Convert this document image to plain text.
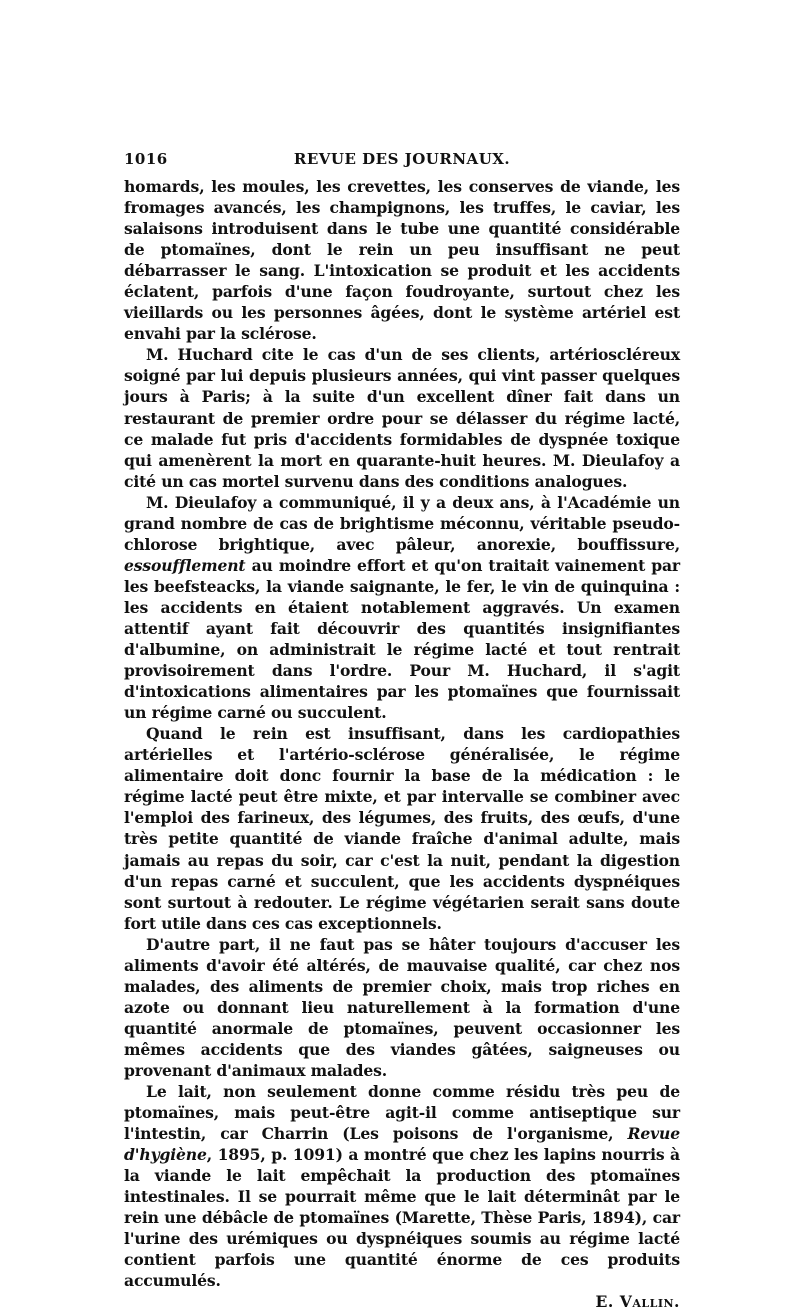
1016	REVUE DES JOURNAUX.

homards, les moules, les crevettes, les conserves de viande, les fromages avancés, les champignons, les truffes, le caviar, les salaisons introduisent dans le tube une quantité considérable de ptomaïnes, dont le rein un peu insuffisant ne peut débarrasser le sang. L'intoxication se produit et les accidents éclatent, parfois d'une façon foudroyante, surtout chez les vieillards ou les personnes âgées, dont le système artériel est envahi par la sclérose.

M. Huchard cite le cas d'un de ses clients, artérioscléreux soigné par lui depuis plusieurs années, qui vint passer quelques jours à Paris; à la suite d'un excellent dîner fait dans un restaurant de premier ordre pour se délasser du régime lacté, ce malade fut pris d'accidents formidables de dyspnée toxique qui amenèrent la mort en quarante-huit heures. M. Dieulafoy a cité un cas mortel survenu dans des conditions analogues.

M. Dieulafoy a communiqué, il y a deux ans, à l'Académie un grand nombre de cas de brightisme méconnu, véritable pseudo-chlorose brightique, avec pâleur, anorexie, bouffissure, essoufflement au moindre effort et qu'on traitait vainement par les beefsteacks, la viande saignante, le fer, le vin de quinquina : les accidents en étaient notablement aggravés. Un examen attentif ayant fait découvrir des quantités insignifiantes d'albumine, on administrait le régime lacté et tout rentrait provisoirement dans l'ordre. Pour M. Huchard, il s'agit d'intoxications alimentaires par les ptomaïnes que fournissait un régime carné ou succulent.

Quand le rein est insuffisant, dans les cardiopathies artérielles et l'artério-sclérose généralisée, le régime alimentaire doit donc fournir la base de la médication : le régime lacté peut être mixte, et par intervalle se combiner avec l'emploi des farineux, des légumes, des fruits, des œufs, d'une très petite quantité de viande fraîche d'animal adulte, mais jamais au repas du soir, car c'est la nuit, pendant la digestion d'un repas carné et succulent, que les accidents dyspnéiques sont surtout à redouter. Le régime végétarien serait sans doute fort utile dans ces cas exceptionnels.

D'autre part, il ne faut pas se hâter toujours d'accuser les aliments d'avoir été altérés, de mauvaise qualité, car chez nos malades, des aliments de premier choix, mais trop riches en azote ou donnant lieu naturellement à la formation d'une quantité anormale de ptomaïnes, peuvent occasionner les mêmes accidents que des viandes gâtées, saigneuses ou provenant d'animaux malades.

Le lait, non seulement donne comme résidu très peu de ptomaïnes, mais peut-être agit-il comme antiseptique sur l'intestin, car Charrin (Les poisons de l'organisme, Revue d'hygiène, 1895, p. 1091) a montré que chez les lapins nourris à la viande le lait empêchait la production des ptomaïnes intestinales. Il se pourrait même que le lait déterminât par le rein une débâcle de ptomaïnes (Marette, Thèse Paris, 1894), car l'urine des urémiques ou dyspnéiques soumis au régime lacté contient parfois une quantité énorme de ces produits accumulés.

E. Vallin.
